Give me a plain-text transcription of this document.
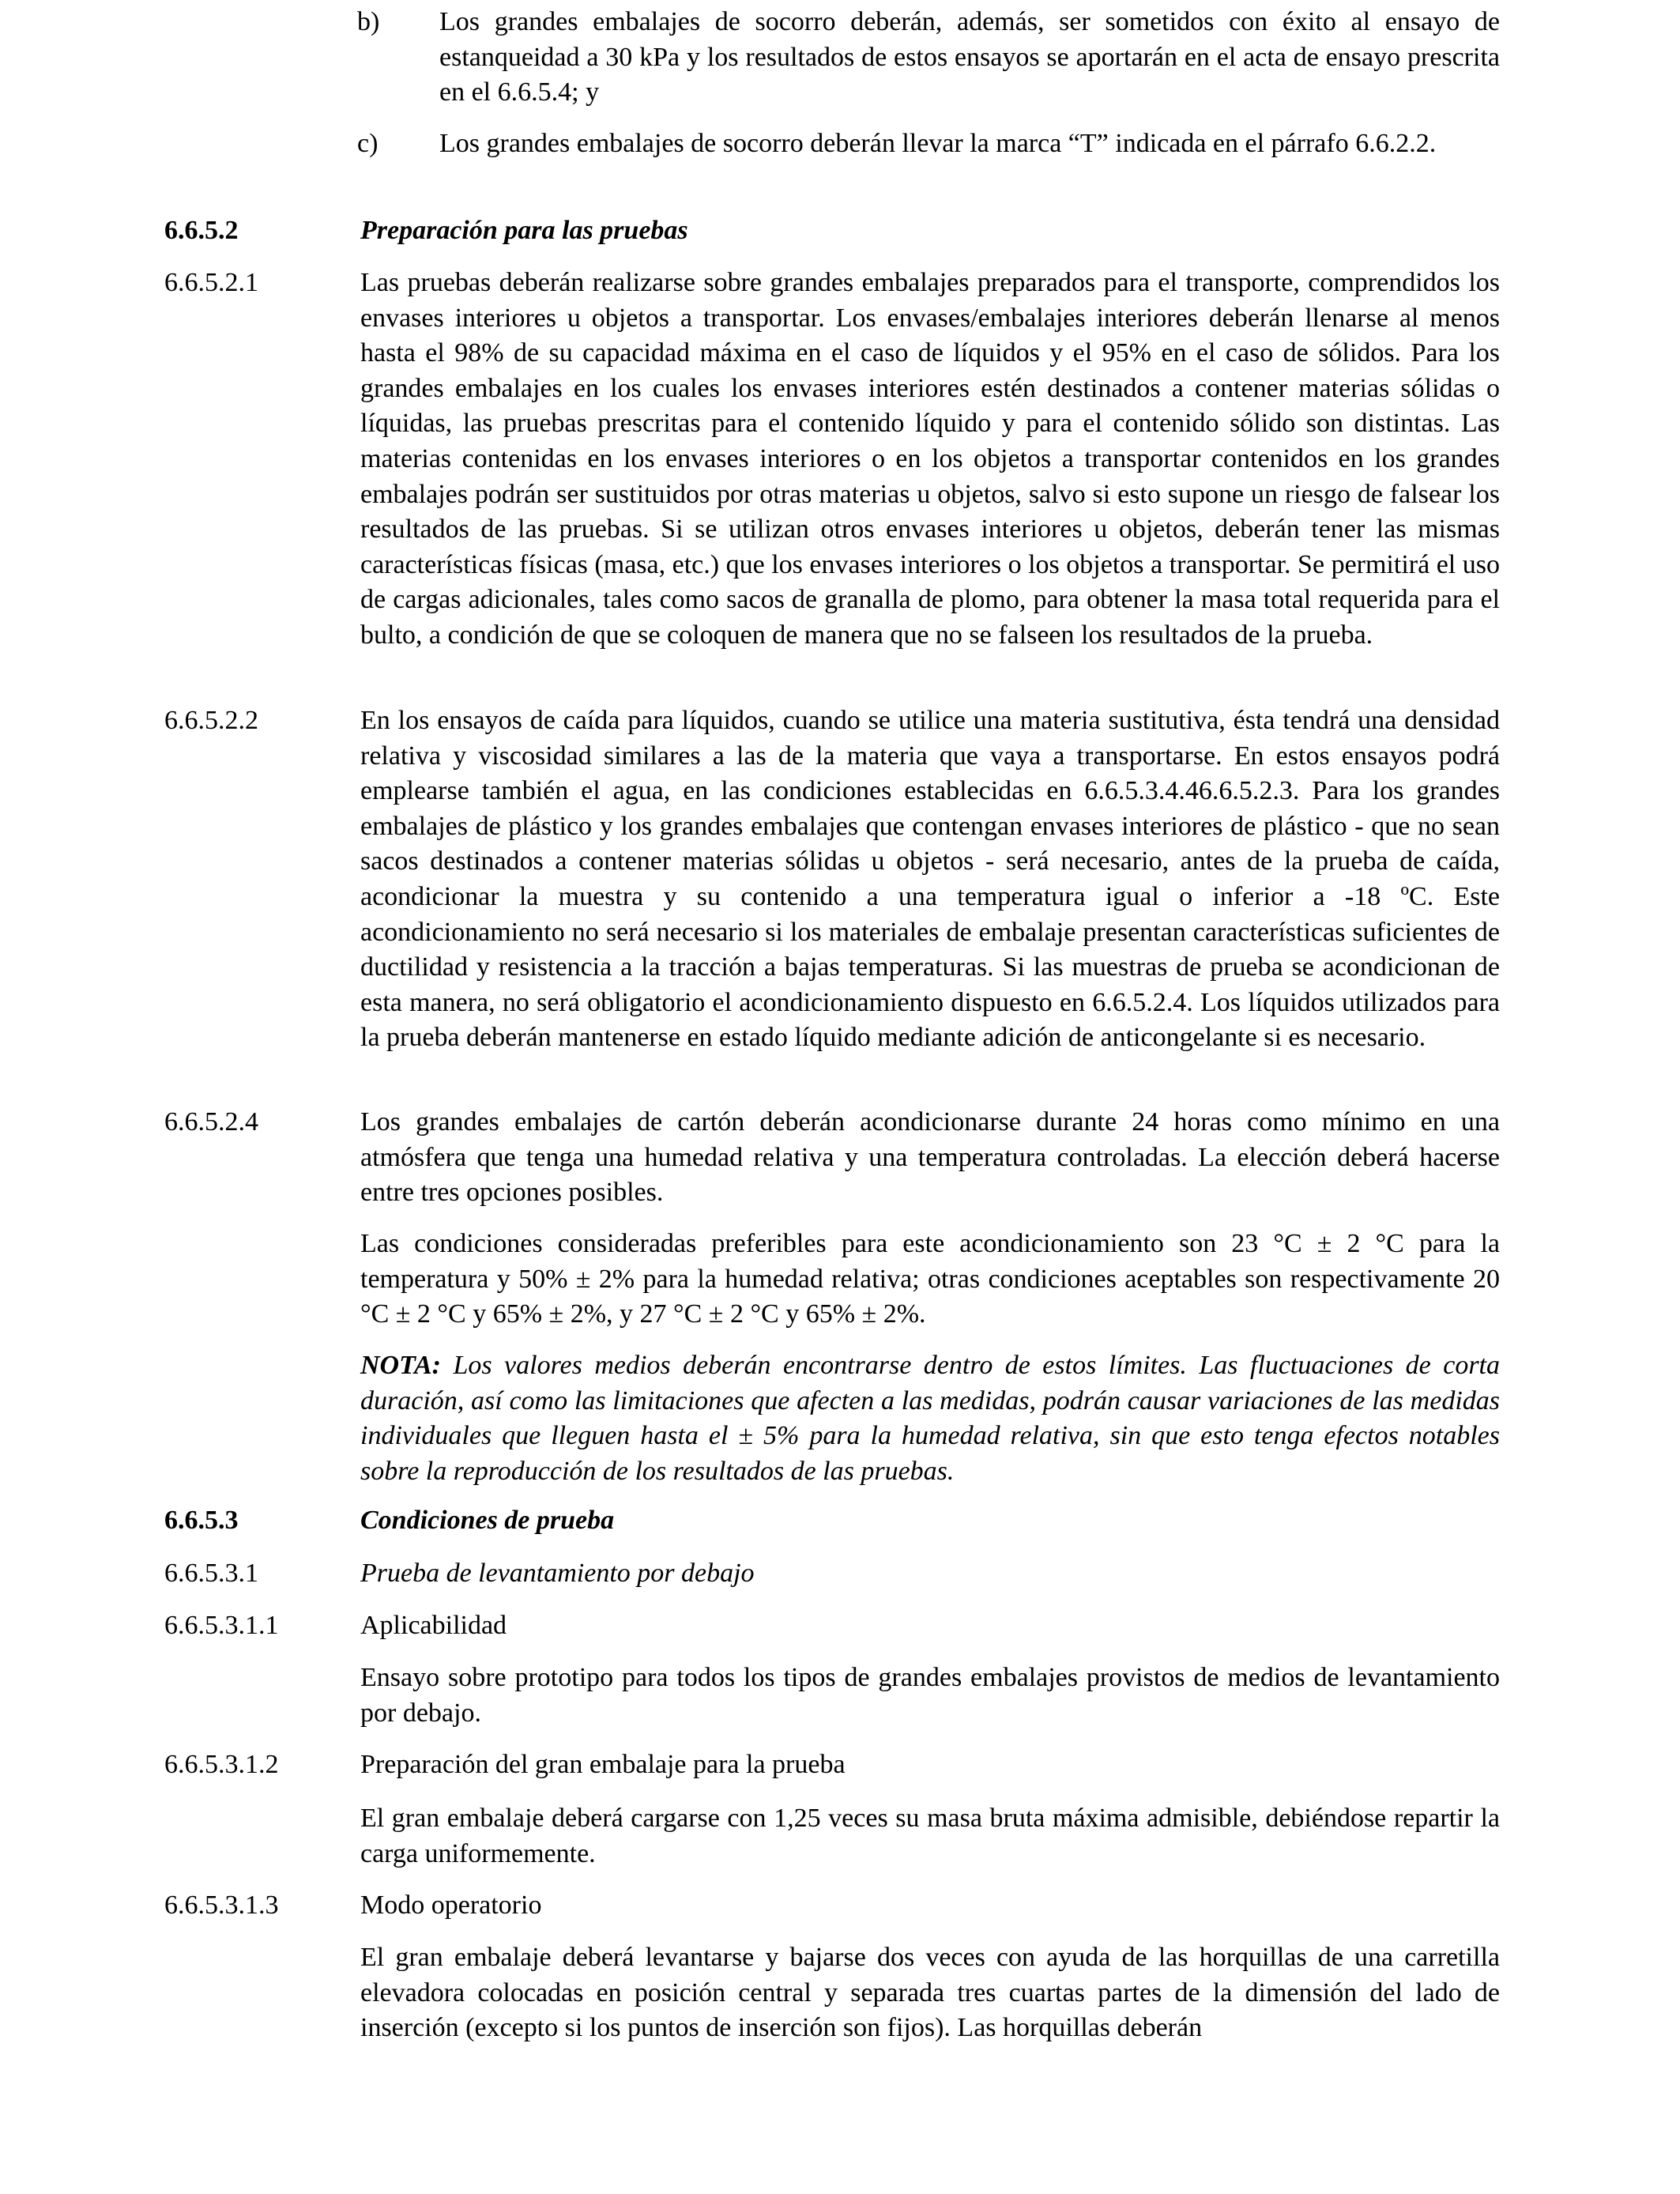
b) Los grandes embalajes de socorro deberán, además, ser sometidos con éxito al ensayo de estanqueidad a 30 kPa y los resultados de estos ensayos se aportarán en el acta de ensayo prescrita en el 6.6.5.4; y
c) Los grandes embalajes de socorro deberán llevar la marca “T” indicada en el párrafo 6.6.2.2.
6.6.5.2	Preparación para las pruebas
6.6.5.2.1	Las pruebas deberán realizarse sobre grandes embalajes preparados para el transporte, comprendidos los envases interiores u objetos a transportar. Los envases/embalajes interiores deberán llenarse al menos hasta el 98% de su capacidad máxima en el caso de líquidos y el 95% en el caso de sólidos. Para los grandes embalajes en los cuales los envases interiores estén destinados a contener materias sólidas o líquidas, las pruebas prescritas para el contenido líquido y para el contenido sólido son distintas. Las materias contenidas en los envases interiores o en los objetos a transportar contenidos en los grandes embalajes podrán ser sustituidos por otras materias u objetos, salvo si esto supone un riesgo de falsear los resultados de las pruebas. Si se utilizan otros envases interiores u objetos, deberán tener las mismas características físicas (masa, etc.) que los envases interiores o los objetos a transportar. Se permitirá el uso de cargas adicionales, tales como sacos de granalla de plomo, para obtener la masa total requerida para el bulto, a condición de que se coloquen de manera que no se falseen los resultados de la prueba.
6.6.5.2.2	En los ensayos de caída para líquidos, cuando se utilice una materia sustitutiva, ésta tendrá una densidad relativa y viscosidad similares a las de la materia que vaya a transportarse. En estos ensayos podrá emplearse también el agua, en las condiciones establecidas en 6.6.5.3.4.46.6.5.2.3. Para los grandes embalajes de plástico y los grandes embalajes que contengan envases interiores de plástico - que no sean sacos destinados a contener materias sólidas u objetos - será necesario, antes de la prueba de caída, acondicionar la muestra y su contenido a una temperatura igual o inferior a -18 ºC. Este acondicionamiento no será necesario si los materiales de embalaje presentan características suficientes de ductilidad y resistencia a la tracción a bajas temperaturas. Si las muestras de prueba se acondicionan de esta manera, no será obligatorio el acondicionamiento dispuesto en 6.6.5.2.4. Los líquidos utilizados para la prueba deberán mantenerse en estado líquido mediante adición de anticongelante si es necesario.
6.6.5.2.4	Los grandes embalajes de cartón deberán acondicionarse durante 24 horas como mínimo en una atmósfera que tenga una humedad relativa y una temperatura controladas. La elección deberá hacerse entre tres opciones posibles.
Las condiciones consideradas preferibles para este acondicionamiento son 23 °C ± 2 °C para la temperatura y 50% ± 2% para la humedad relativa; otras condiciones aceptables son respectivamente 20 °C ± 2 °C y 65% ± 2%, y 27 °C ± 2 °C y 65% ± 2%.
NOTA: Los valores medios deberán encontrarse dentro de estos límites. Las fluctuaciones de corta duración, así como las limitaciones que afecten a las medidas, podrán causar variaciones de las medidas individuales que lleguen hasta el ± 5% para la humedad relativa, sin que esto tenga efectos notables sobre la reproducción de los resultados de las pruebas.
6.6.5.3	Condiciones de prueba
6.6.5.3.1	Prueba de levantamiento por debajo
6.6.5.3.1.1	Aplicabilidad
Ensayo sobre prototipo para todos los tipos de grandes embalajes provistos de medios de levantamiento por debajo.
6.6.5.3.1.2	Preparación del gran embalaje para la prueba
El gran embalaje deberá cargarse con 1,25 veces su masa bruta máxima admisible, debiéndose repartir la carga uniformemente.
6.6.5.3.1.3	Modo operatorio
El gran embalaje deberá levantarse y bajarse dos veces con ayuda de las horquillas de una carretilla elevadora colocadas en posición central y separada tres cuartas partes de la dimensión del lado de inserción (excepto si los puntos de inserción son fijos). Las horquillas deberán
